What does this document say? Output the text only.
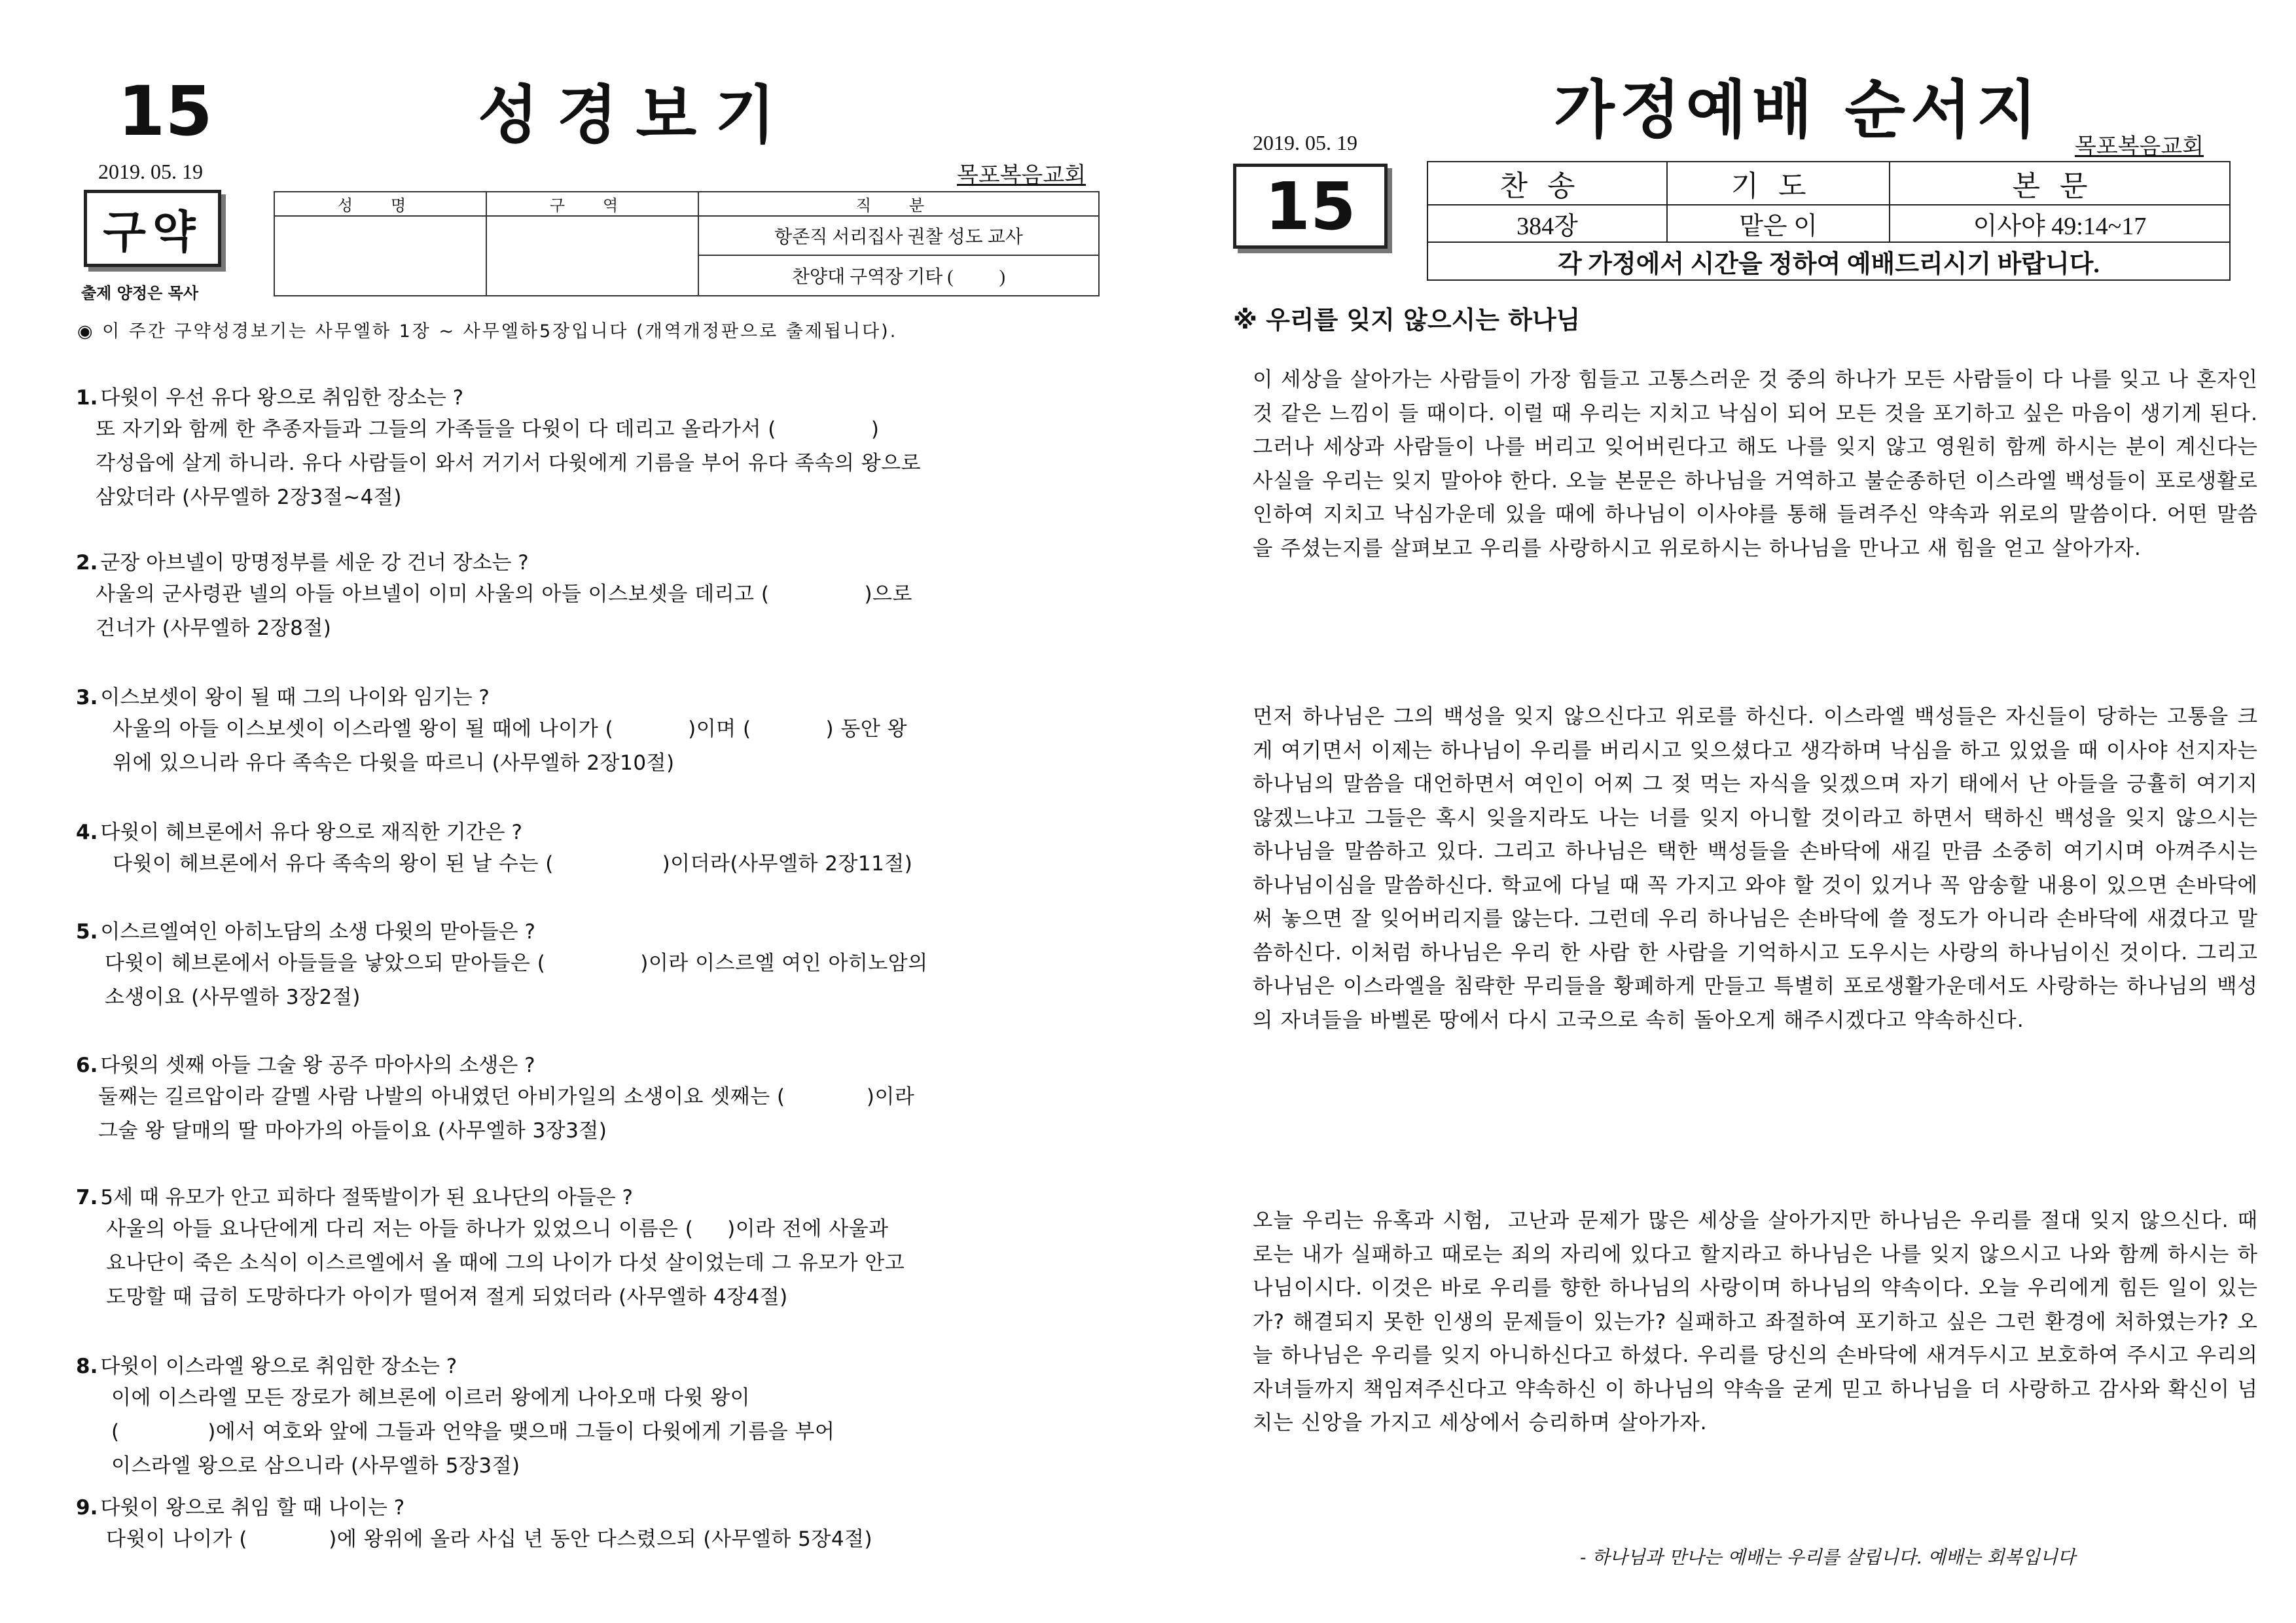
15	성경보기
2019. 05. 19	목포복음교회
구약
출제 양정은 목사
성 명	구 역	직 분
		항존직 서리집사 권찰 성도 교사
		찬양대 구역장 기타 (          )
◉ 이 주간 구약성경보기는 사무엘하 1장 ~ 사무엘하5장입니다 (개역개정판으로 출제됩니다).
1. 다윗이 우선 유다 왕으로 취임한 장소는 ?
또 자기와 함께 한 추종자들과 그들의 가족들을 다윗이 다 데리고 올라가서 (              )
각성읍에 살게 하니라. 유다 사람들이 와서 거기서 다윗에게 기름을 부어 유다 족속의 왕으로
삼았더라 (사무엘하 2장3절~4절)
2. 군장 아브넬이 망명정부를 세운 강 건너 장소는 ?
사울의 군사령관 넬의 아들 아브넬이 이미 사울의 아들 이스보셋을 데리고 (              )으로
건너가 (사무엘하 2장8절)
3. 이스보셋이 왕이 될 때 그의 나이와 임기는 ?
사울의 아들 이스보셋이 이스라엘 왕이 될 때에 나이가 (           )이며 (           ) 동안 왕
위에 있으니라 유다 족속은 다윗을 따르니 (사무엘하 2장10절)
4. 다윗이 헤브론에서 유다 왕으로 재직한 기간은 ?
다윗이 헤브론에서 유다 족속의 왕이 된 날 수는 (                )이더라(사무엘하 2장11절)
5. 이스르엘여인 아히노담의 소생 다윗의 맏아들은 ?
다윗이 헤브론에서 아들들을 낳았으되 맏아들은 (              )이라 이스르엘 여인 아히노암의
소생이요 (사무엘하 3장2절)
6. 다윗의 셋째 아들 그술 왕 공주 마아사의 소생은 ?
둘째는 길르압이라 갈멜 사람 나발의 아내였던 아비가일의 소생이요 셋째는 (            )이라
그술 왕 달매의 딸 마아가의 아들이요 (사무엘하 3장3절)
7. 5세 때 유모가 안고 피하다 절뚝발이가 된 요나단의 아들은 ?
사울의 아들 요나단에게 다리 저는 아들 하나가 있었으니 이름은 (     )이라 전에 사울과
요나단이 죽은 소식이 이스르엘에서 올 때에 그의 나이가 다섯 살이었는데 그 유모가 안고
도망할 때 급히 도망하다가 아이가 떨어져 절게 되었더라 (사무엘하 4장4절)
8. 다윗이 이스라엘 왕으로 취임한 장소는 ?
이에 이스라엘 모든 장로가 헤브론에 이르러 왕에게 나아오매 다윗 왕이
(             )에서 여호와 앞에 그들과 언약을 맺으매 그들이 다윗에게 기름을 부어
이스라엘 왕으로 삼으니라 (사무엘하 5장3절)
9. 다윗이 왕으로 취임 할 때 나이는 ?
다윗이 나이가 (            )에 왕위에 올라 사십 년 동안 다스렸으되 (사무엘하 5장4절)
가정예배 순서지
2019. 05. 19	목포복음교회
15	찬송	기도	본문
384장	맡은 이	이사야 49:14~17
각 가정에서 시간을 정하여 예배드리시기 바랍니다.		
※ 우리를 잊지 않으시는 하나님
이 세상을 살아가는 사람들이 가장 힘들고 고통스러운 것 중의 하나가 모든 사람들이 다 나를 잊고 나 혼자인 것 같은 느낌이 들 때이다. 이럴 때 우리는 지치고 낙심이 되어 모든 것을 포기하고 싶은 마음이 생기게 된다. 그러나 세상과 사람들이 나를 버리고 잊어버린다고 해도 나를 잊지 않고 영원히 함께 하시는 분이 계신다는 사실을 우리는 잊지 말아야 한다. 오늘 본문은 하나님을 거역하고 불순종하던 이스라엘 백성들이 포로생활로 인하여 지치고 낙심가운데 있을 때에 하나님이 이사야를 통해 들려주신 약속과 위로의 말씀이다. 어떤 말씀을 주셨는지를 살펴보고 우리를 사랑하시고 위로하시는 하나님을 만나고 새 힘을 얻고 살아가자.
먼저 하나님은 그의 백성을 잊지 않으신다고 위로를 하신다. 이스라엘 백성들은 자신들이 당하는 고통을 크게 여기면서 이제는 하나님이 우리를 버리시고 잊으셨다고 생각하며 낙심을 하고 있었을 때 이사야 선지자는 하나님의 말씀을 대언하면서 여인이 어찌 그 젖 먹는 자식을 잊겠으며 자기 태에서 난 아들을 긍휼히 여기지 않겠느냐고 그들은 혹시 잊을지라도 나는 너를 잊지 아니할 것이라고 하면서 택하신 백성을 잊지 않으시는 하나님을 말씀하고 있다. 그리고 하나님은 택한 백성들을 손바닥에 새길 만큼 소중히 여기시며 아껴주시는 하나님이심을 말씀하신다. 학교에 다닐 때 꼭 가지고 와야 할 것이 있거나 꼭 암송할 내용이 있으면 손바닥에 써 놓으면 잘 잊어버리지를 않는다. 그런데 우리 하나님은 손바닥에 쓸 정도가 아니라 손바닥에 새겼다고 말씀하신다. 이처럼 하나님은 우리 한 사람 한 사람을 기억하시고 도우시는 사랑의 하나님이신 것이다. 그리고 하나님은 이스라엘을 침략한 무리들을 황폐하게 만들고 특별히 포로생활가운데서도 사랑하는 하나님의 백성의 자녀들을 바벨론 땅에서 다시 고국으로 속히 돌아오게 해주시겠다고 약속하신다.
오늘 우리는 유혹과 시험,  고난과 문제가 많은 세상을 살아가지만 하나님은 우리를 절대 잊지 않으신다. 때로는 내가 실패하고 때로는 죄의 자리에 있다고 할지라고 하나님은 나를 잊지 않으시고 나와 함께 하시는 하나님이시다. 이것은 바로 우리를 향한 하나님의 사랑이며 하나님의 약속이다. 오늘 우리에게 힘든 일이 있는가? 해결되지 못한 인생의 문제들이 있는가? 실패하고 좌절하여 포기하고 싶은 그런 환경에 처하였는가? 오늘 하나님은 우리를 잊지 아니하신다고 하셨다. 우리를 당신의 손바닥에 새겨두시고 보호하여 주시고 우리의 자녀들까지 책임져주신다고 약속하신 이 하나님의 약속을 굳게 믿고 하나님을 더 사랑하고 감사와 확신이 넘치는 신앙을 가지고 세상에서 승리하며 살아가자.
- 하나님과 만나는 예배는 우리를 살립니다. 예배는 회복입니다
